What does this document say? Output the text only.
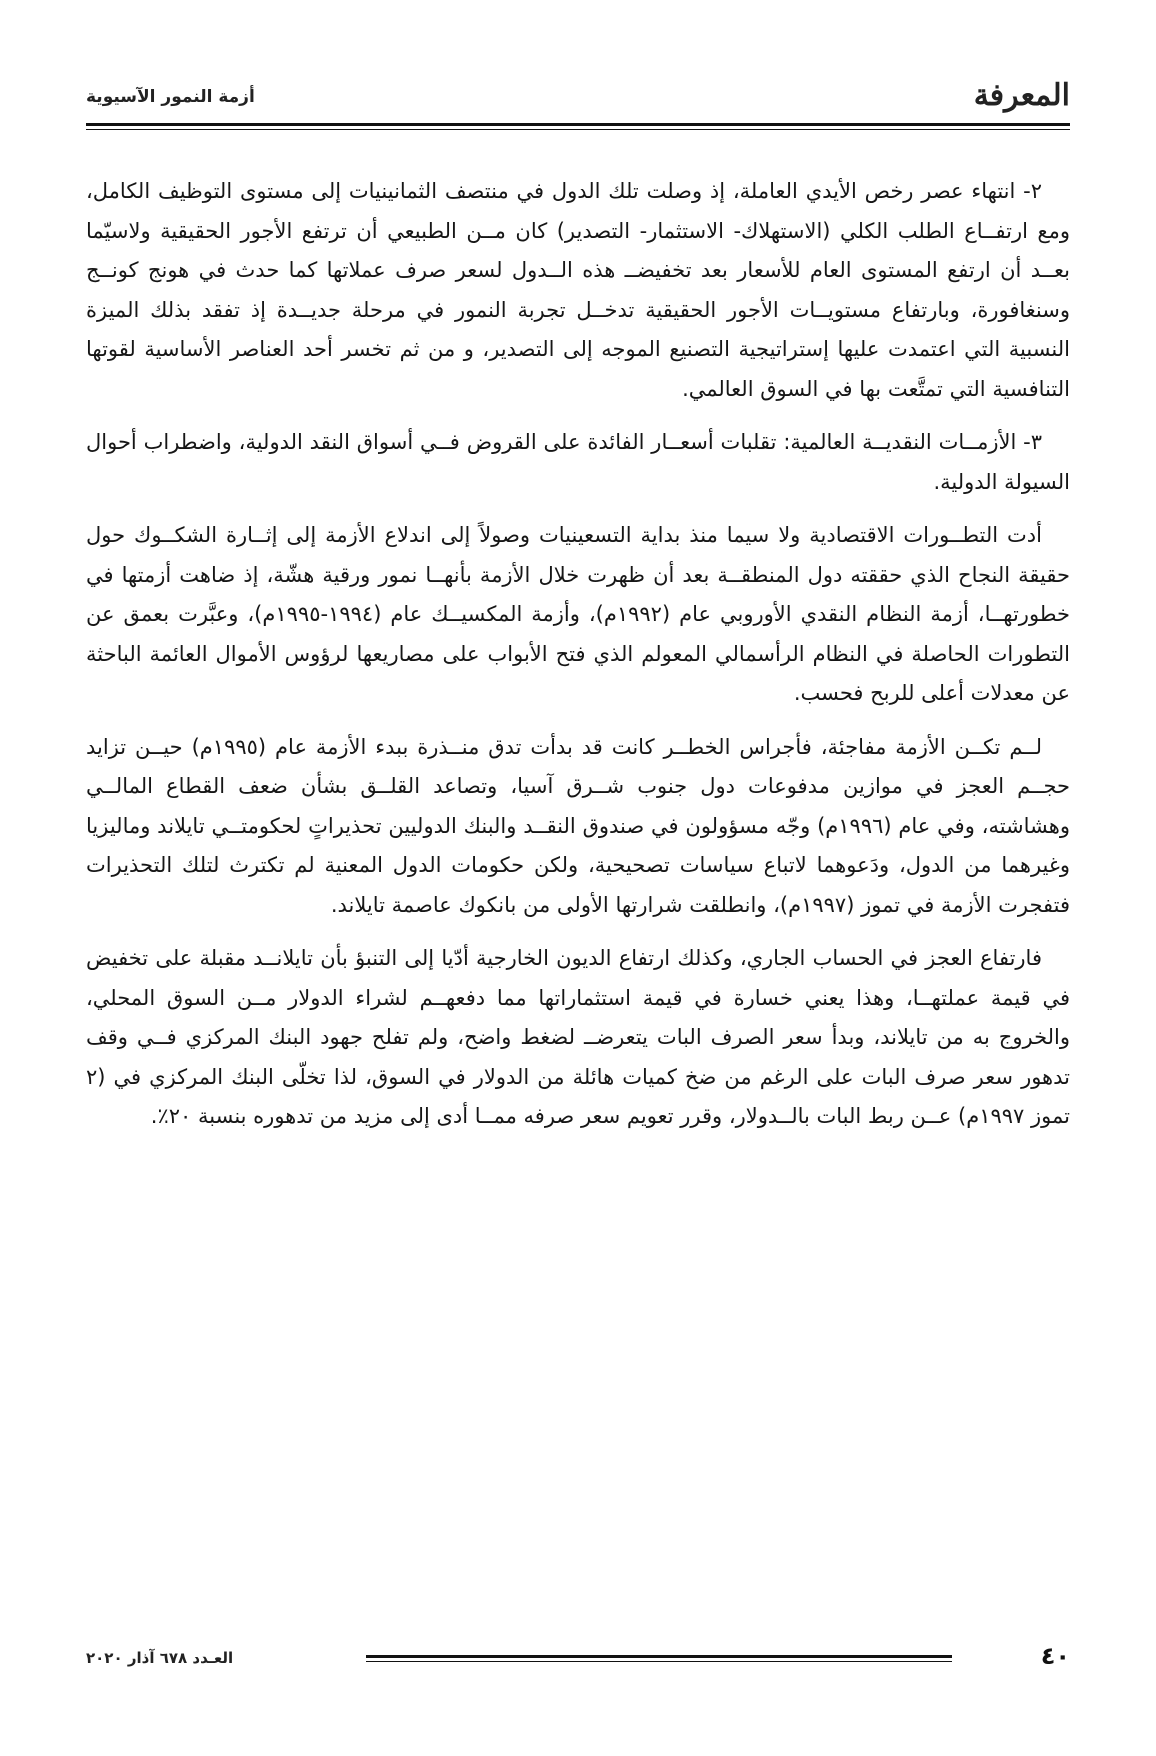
المعرفة
أزمة النمور الآسيوية

٢- انتهاء عصر رخص الأيدي العاملة، إذ وصلت تلك الدول في منتصف الثمانينيات إلى مستوى التوظيف الكامل، ومع ارتفــاع الطلب الكلي (الاستهلاك- الاستثمار- التصدير) كان مــن الطبيعي أن ترتفع الأجور الحقيقية ولاسيّما بعــد أن ارتفع المستوى العام للأسعار بعد تخفيضــ هذه الــدول لسعر صرف عملاتها كما حدث في هونج كونــج وسنغافورة، وبارتفاع مستويــات الأجور الحقيقية تدخــل تجربة النمور في مرحلة جديــدة إذ تفقد بذلك الميزة النسبية التي اعتمدت عليها إستراتيجية التصنيع الموجه إلى التصدير، و من ثم تخسر أحد العناصر الأساسية لقوتها التنافسية التي تمتَّعت بها في السوق العالمي.

٣- الأزمــات النقديــة العالمية: تقلبات أسعــار الفائدة على القروض فــي أسواق النقد الدولية، واضطراب أحوال السيولة الدولية.

أدت التطــورات الاقتصادية ولا سيما منذ بداية التسعينيات وصولاً إلى اندلاع الأزمة إلى إثــارة الشكــوك حول حقيقة النجاح الذي حققته دول المنطقــة بعد أن ظهرت خلال الأزمة بأنهــا نمور ورقية هشّة، إذ ضاهت أزمتها في خطورتهــا، أزمة النظام النقدي الأوروبي عام (١٩٩٢م)، وأزمة المكسيــك عام (١٩٩٤-١٩٩٥م)، وعبَّرت بعمق عن التطورات الحاصلة في النظام الرأسمالي المعولم الذي فتح الأبواب على مصاريعها لرؤوس الأموال العائمة الباحثة عن معدلات أعلى للربح فحسب.

لــم تكــن الأزمة مفاجئة، فأجراس الخطــر كانت قد بدأت تدق منــذرة ببدء الأزمة عام (١٩٩٥م) حيــن تزايد حجــم العجز في موازين مدفوعات دول جنوب شــرق آسيا، وتصاعد القلــق بشأن ضعف القطاع المالــي وهشاشته، وفي عام (١٩٩٦م) وجّه مسؤولون في صندوق النقــد والبنك الدوليين تحذيراتٍ لحكومتــي تايلاند وماليزيا وغيرهما من الدول، ودَعوهما لاتباع سياسات تصحيحية، ولكن حكومات الدول المعنية لم تكترث لتلك التحذيرات فتفجرت الأزمة في تموز (١٩٩٧م)، وانطلقت شرارتها الأولى من بانكوك عاصمة تايلاند.

فارتفاع العجز في الحساب الجاري، وكذلك ارتفاع الديون الخارجية أدّيا إلى التنبؤ بأن تايلانــد مقبلة على تخفيض في قيمة عملتهــا، وهذا يعني خسارة في قيمة استثماراتها مما دفعهــم لشراء الدولار مــن السوق المحلي، والخروج به من تايلاند، وبدأ سعر الصرف البات يتعرضــ لضغط واضح، ولم تفلح جهود البنك المركزي فــي وقف تدهور سعر صرف البات على الرغم من ضخ كميات هائلة من الدولار في السوق، لذا تخلّى البنك المركزي في (٢ تموز ١٩٩٧م) عــن ربط البات بالــدولار، وقرر تعويم سعر صرفه ممــا أدى إلى مزيد من تدهوره بنسبة ٢٠٪.

٤٠
العـدد ٦٧٨ آذار ٢٠٢٠
